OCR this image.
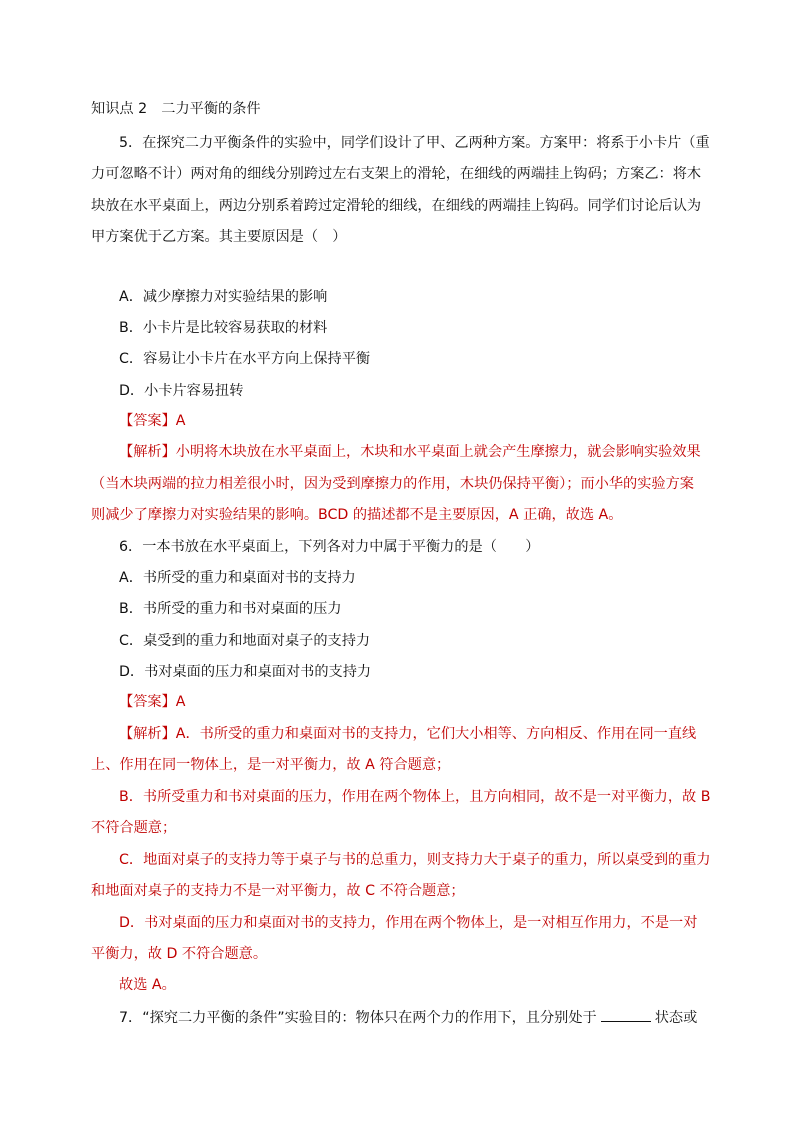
知识点 2　二力平衡的条件
5．在探究二力平衡条件的实验中，同学们设计了甲、乙两种方案。方案甲：将系于小卡片（重
力可忽略不计）两对角的细线分别跨过左右支架上的滑轮，在细线的两端挂上钩码；方案乙：将木
块放在水平桌面上，两边分别系着跨过定滑轮的细线，在细线的两端挂上钩码。同学们讨论后认为
甲方案优于乙方案。其主要原因是（　）
A．减少摩擦力对实验结果的影响
B．小卡片是比较容易获取的材料
C．容易让小卡片在水平方向上保持平衡
D．小卡片容易扭转
【答案】A
【解析】小明将木块放在水平桌面上，木块和水平桌面上就会产生摩擦力，就会影响实验效果
（当木块两端的拉力相差很小时，因为受到摩擦力的作用，木块仍保持平衡）；而小华的实验方案
则减少了摩擦力对实验结果的影响。BCD 的描述都不是主要原因，A 正确，故选 A。
6．一本书放在水平桌面上，下列各对力中属于平衡力的是（　　）
A．书所受的重力和桌面对书的支持力
B．书所受的重力和书对桌面的压力
C．桌受到的重力和地面对桌子的支持力
D．书对桌面的压力和桌面对书的支持力
【答案】A
【解析】A．书所受的重力和桌面对书的支持力，它们大小相等、方向相反、作用在同一直线
上、作用在同一物体上，是一对平衡力，故 A 符合题意；
B．书所受重力和书对桌面的压力，作用在两个物体上，且方向相同，故不是一对平衡力，故 B
不符合题意；
C．地面对桌子的支持力等于桌子与书的总重力，则支持力大于桌子的重力，所以桌受到的重力
和地面对桌子的支持力不是一对平衡力，故 C 不符合题意；
D．书对桌面的压力和桌面对书的支持力，作用在两个物体上，是一对相互作用力，不是一对
平衡力，故 D 不符合题意。
故选 A。
7．“探究二力平衡的条件”实验目的：物体只在两个力的作用下，且分别处于	状态或
